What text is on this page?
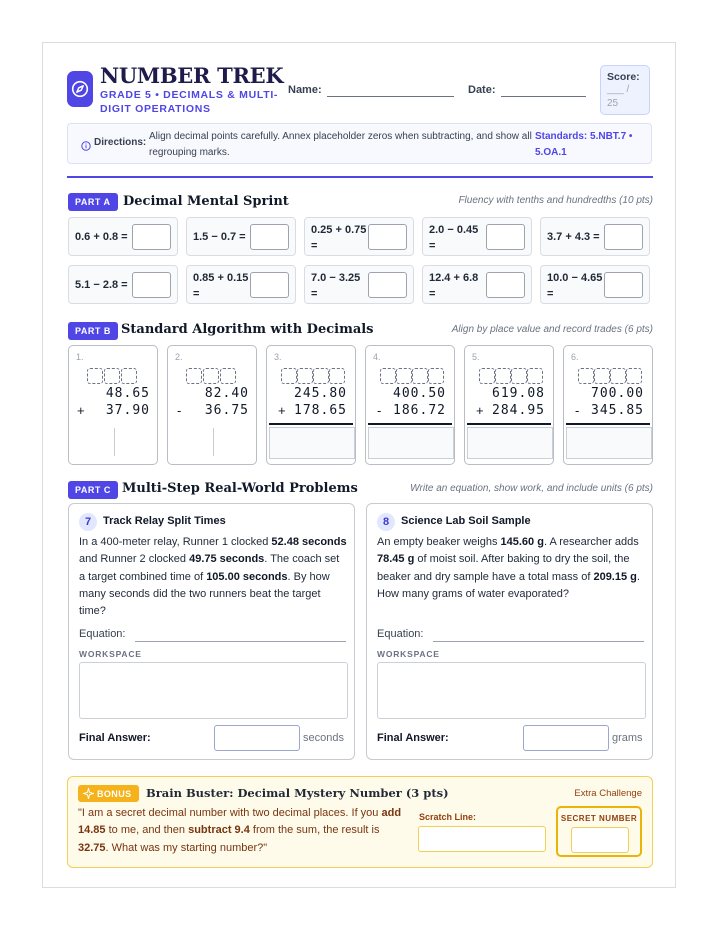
NUMBER TREK
GRADE 5 • DECIMALS & MULTI-DIGIT OPERATIONS
Name:	Date:
Score:
___ / 25
Directions:
Align decimal points carefully. Annex placeholder zeros when subtracting, and show all regrouping marks.
Standards: 5.NBT.7 • 5.OA.1
PART A Decimal Mental Sprint	Fluency with tenths and hundredths (10 pts)
0.6 + 0.8 =	1.5 − 0.7 =
0.25 + 0.75 =
2.0 − 0.45 =
3.7 + 4.3 =
5.1 − 2.8 =
0.85 + 0.15 =
7.0 − 3.25 =
12.4 + 6.8 =
10.0 − 4.65 =
PART B Standard Algorithm with Decimals	Align by place value and record trades (6 pts)
1.
48.65
+ 37.90
2.
82.40
- 36.75
3.
245.80
+ 178.65
4.
400.50
- 186.72
5.
619.08
+ 284.95
6.
700.00
- 345.85
PART C Multi-Step Real-World Problems	Write an equation, show work, and include units (6 pts)
7	Track Relay Split Times
In a 400-meter relay, Runner 1 clocked 52.48 seconds and Runner 2 clocked 49.75 seconds. The coach set a target combined time of 105.00 seconds. By how many seconds did the two runners beat the target time?
Equation:
WORKSPACE
Final Answer:	seconds
8	Science Lab Soil Sample
An empty beaker weighs 145.60 g. A researcher adds 78.45 g of moist soil. After baking to dry the soil, the beaker and dry sample have a total mass of 209.15 g. How many grams of water evaporated?
Equation:
WORKSPACE
Final Answer:	grams
BONUS Brain Buster: Decimal Mystery Number (3 pts)	Extra Challenge
"I am a secret decimal number with two decimal places. If you add 14.85 to me, and then subtract 9.4 from the sum, the result is 32.75. What was my starting number?"
Scratch Line:	SECRET NUMBER
